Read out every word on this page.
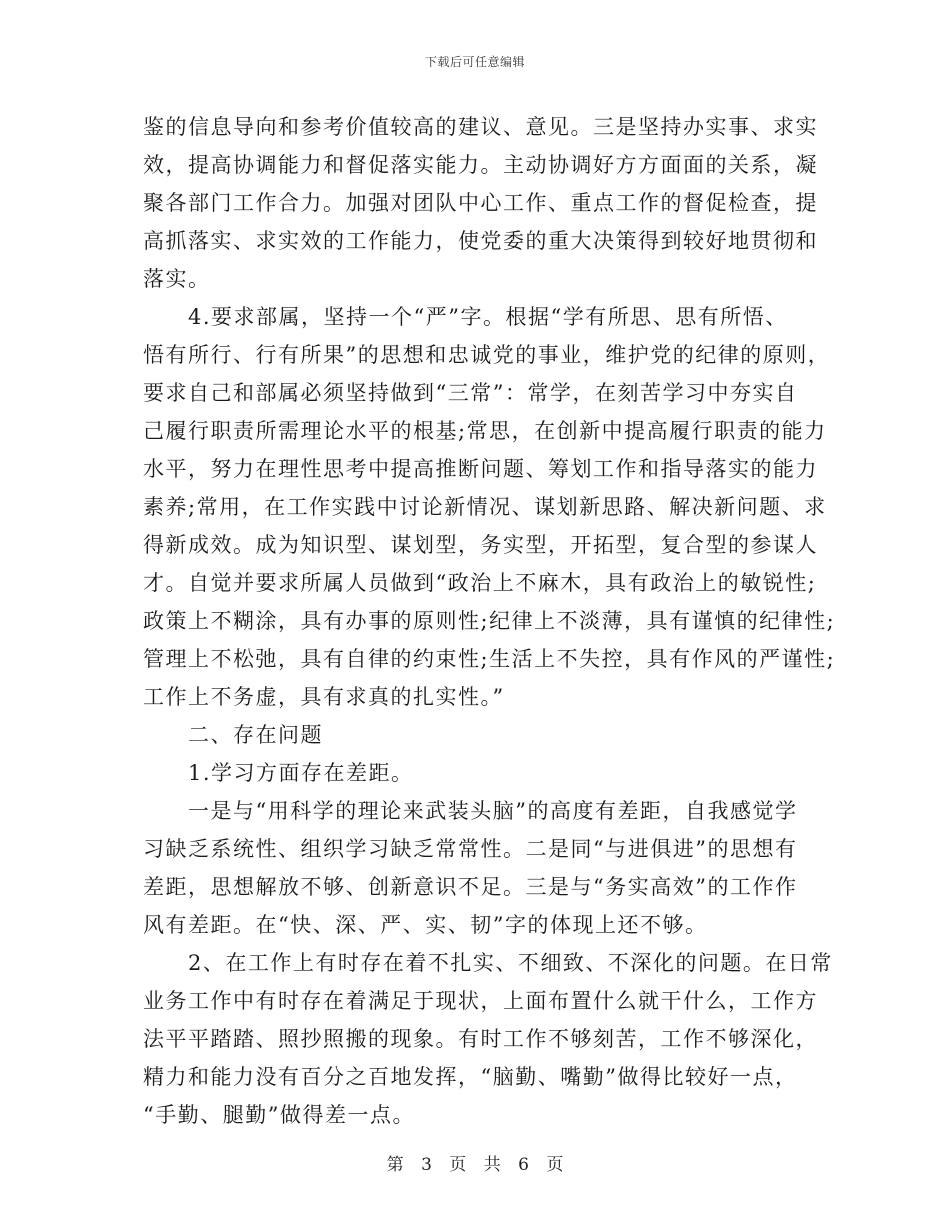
下载后可任意编辑
鉴的信息导向和参考价值较高的建议、意见。三是坚持办实事、求实
效，提高协调能力和督促落实能力。主动协调好方方面面的关系，凝
聚各部门工作合力。加强对团队中心工作、重点工作的督促检查，提
高抓落实、求实效的工作能力，使党委的重大决策得到较好地贯彻和
落实。
4.要求部属，坚持一个“严”字。根据“学有所思、思有所悟、
悟有所行、行有所果”的思想和忠诚党的事业，维护党的纪律的原则，
要求自己和部属必须坚持做到“三常”：常学，在刻苦学习中夯实自
己履行职责所需理论水平的根基;常思，在创新中提高履行职责的能力
水平，努力在理性思考中提高推断问题、筹划工作和指导落实的能力
素养;常用，在工作实践中讨论新情况、谋划新思路、解决新问题、求
得新成效。成为知识型、谋划型，务实型，开拓型，复合型的参谋人
才。自觉并要求所属人员做到“政治上不麻木，具有政治上的敏锐性;
政策上不糊涂，具有办事的原则性;纪律上不淡薄，具有谨慎的纪律性;
管理上不松弛，具有自律的约束性;生活上不失控，具有作风的严谨性;
工作上不务虚，具有求真的扎实性。”
二、存在问题
1.学习方面存在差距。
一是与“用科学的理论来武装头脑”的高度有差距，自我感觉学
习缺乏系统性、组织学习缺乏常常性。二是同“与进俱进”的思想有
差距，思想解放不够、创新意识不足。三是与“务实高效”的工作作
风有差距。在“快、深、严、实、韧”字的体现上还不够。
2、在工作上有时存在着不扎实、不细致、不深化的问题。在日常
业务工作中有时存在着满足于现状，上面布置什么就干什么，工作方
法平平踏踏、照抄照搬的现象。有时工作不够刻苦，工作不够深化，
精力和能力没有百分之百地发挥，“脑勤、嘴勤”做得比较好一点，
“手勤、腿勤”做得差一点。
第 3 页 共 6 页
